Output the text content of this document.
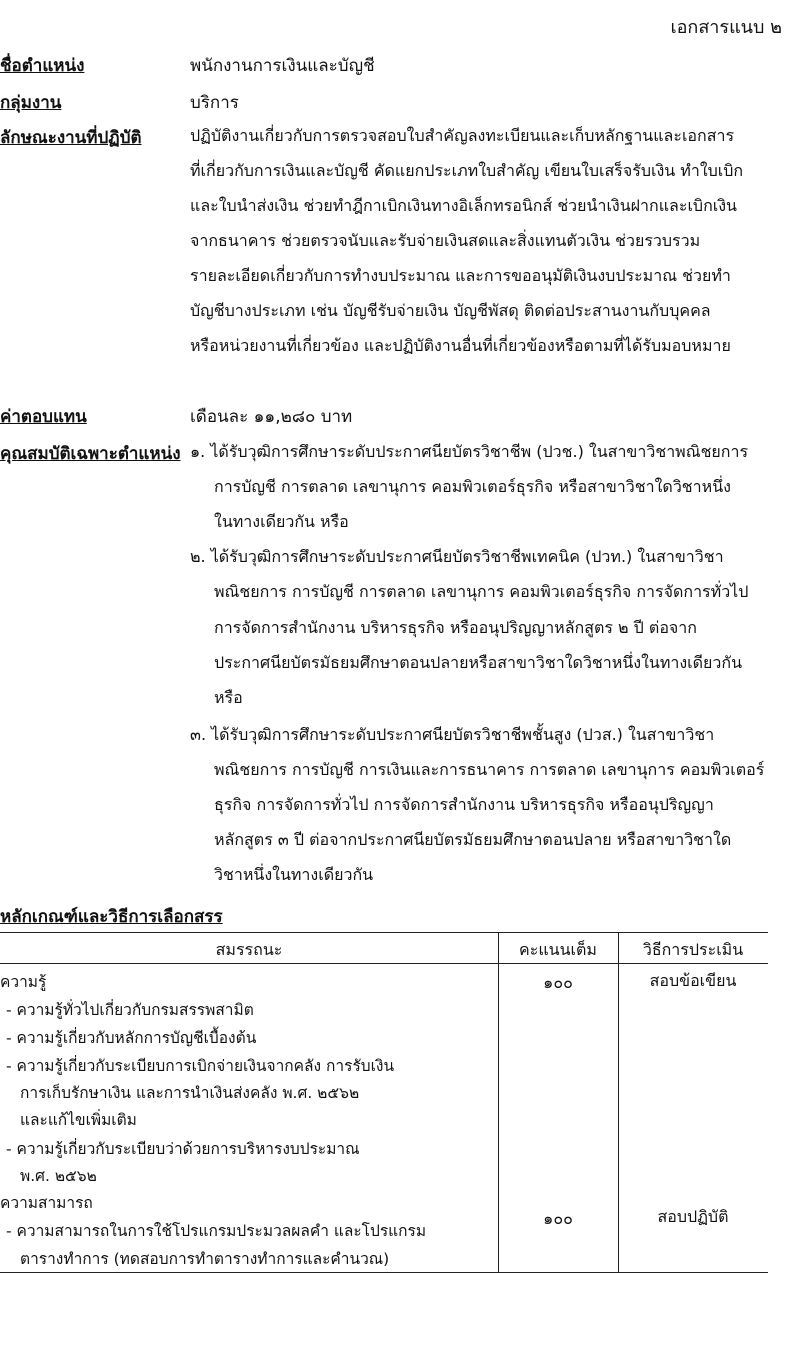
เอกสารแนบ ๒
ชื่อตำแหน่ง	พนักงานการเงินและบัญชี
กลุ่มงาน	บริการ
ลักษณะงานที่ปฏิบัติ	ปฏิบัติงานเกี่ยวกับการตรวจสอบใบสำคัญลงทะเบียนและเก็บหลักฐานและเอกสาร
ที่เกี่ยวกับการเงินและบัญชี คัดแยกประเภทใบสำคัญ เขียนใบเสร็จรับเงิน ทำใบเบิก
และใบนำส่งเงิน ช่วยทำฎีกาเบิกเงินทางอิเล็กทรอนิกส์ ช่วยนำเงินฝากและเบิกเงิน
จากธนาคาร ช่วยตรวจนับและรับจ่ายเงินสดและสิ่งแทนตัวเงิน ช่วยรวบรวม
รายละเอียดเกี่ยวกับการทำงบประมาณ และการขออนุมัติเงินงบประมาณ ช่วยทำ
บัญชีบางประเภท เช่น บัญชีรับจ่ายเงิน บัญชีพัสดุ ติดต่อประสานงานกับบุคคล
หรือหน่วยงานที่เกี่ยวข้อง และปฏิบัติงานอื่นที่เกี่ยวข้องหรือตามที่ได้รับมอบหมาย
ค่าตอบแทน	เดือนละ ๑๑,๒๘๐ บาท
คุณสมบัติเฉพาะตำแหน่ง ๑. ได้รับวุฒิการศึกษาระดับประกาศนียบัตรวิชาชีพ (ปวช.) ในสาขาวิชาพณิชยการ
การบัญชี การตลาด เลขานุการ คอมพิวเตอร์ธุรกิจ หรือสาขาวิชาใดวิชาหนึ่ง
ในทางเดียวกัน หรือ
๒. ได้รับวุฒิการศึกษาระดับประกาศนียบัตรวิชาชีพเทคนิค (ปวท.) ในสาขาวิชา
พณิชยการ การบัญชี การตลาด เลขานุการ คอมพิวเตอร์ธุรกิจ การจัดการทั่วไป
การจัดการสำนักงาน บริหารธุรกิจ หรืออนุปริญญาหลักสูตร ๒ ปี ต่อจาก
ประกาศนียบัตรมัธยมศึกษาตอนปลายหรือสาขาวิชาใดวิชาหนึ่งในทางเดียวกัน
หรือ
๓. ได้รับวุฒิการศึกษาระดับประกาศนียบัตรวิชาชีพชั้นสูง (ปวส.) ในสาขาวิชา
พณิชยการ การบัญชี การเงินและการธนาคาร การตลาด เลขานุการ คอมพิวเตอร์
ธุรกิจ การจัดการทั่วไป การจัดการสำนักงาน บริหารธุรกิจ หรืออนุปริญญา
หลักสูตร ๓ ปี ต่อจากประกาศนียบัตรมัธยมศึกษาตอนปลาย หรือสาขาวิชาใด
วิชาหนึ่งในทางเดียวกัน
หลักเกณฑ์และวิธีการเลือกสรร
สมรรถนะ	คะแนนเต็ม	วิธีการประเมิน
ความรู้
- ความรู้ทั่วไปเกี่ยวกับกรมสรรพสามิต
- ความรู้เกี่ยวกับหลักการบัญชีเบื้องต้น
- ความรู้เกี่ยวกับระเบียบการเบิกจ่ายเงินจากคลัง การรับเงิน
การเก็บรักษาเงิน และการนำเงินส่งคลัง พ.ศ. ๒๕๖๒
และแก้ไขเพิ่มเติม
- ความรู้เกี่ยวกับระเบียบว่าด้วยการบริหารงบประมาณ
พ.ศ. ๒๕๖๒
๑๐๐	สอบข้อเขียน
ความสามารถ
- ความสามารถในการใช้โปรแกรมประมวลผลคำ และโปรแกรม
ตารางทำการ (ทดสอบการทำตารางทำการและคำนวณ)
๑๐๐	สอบปฏิบัติ
